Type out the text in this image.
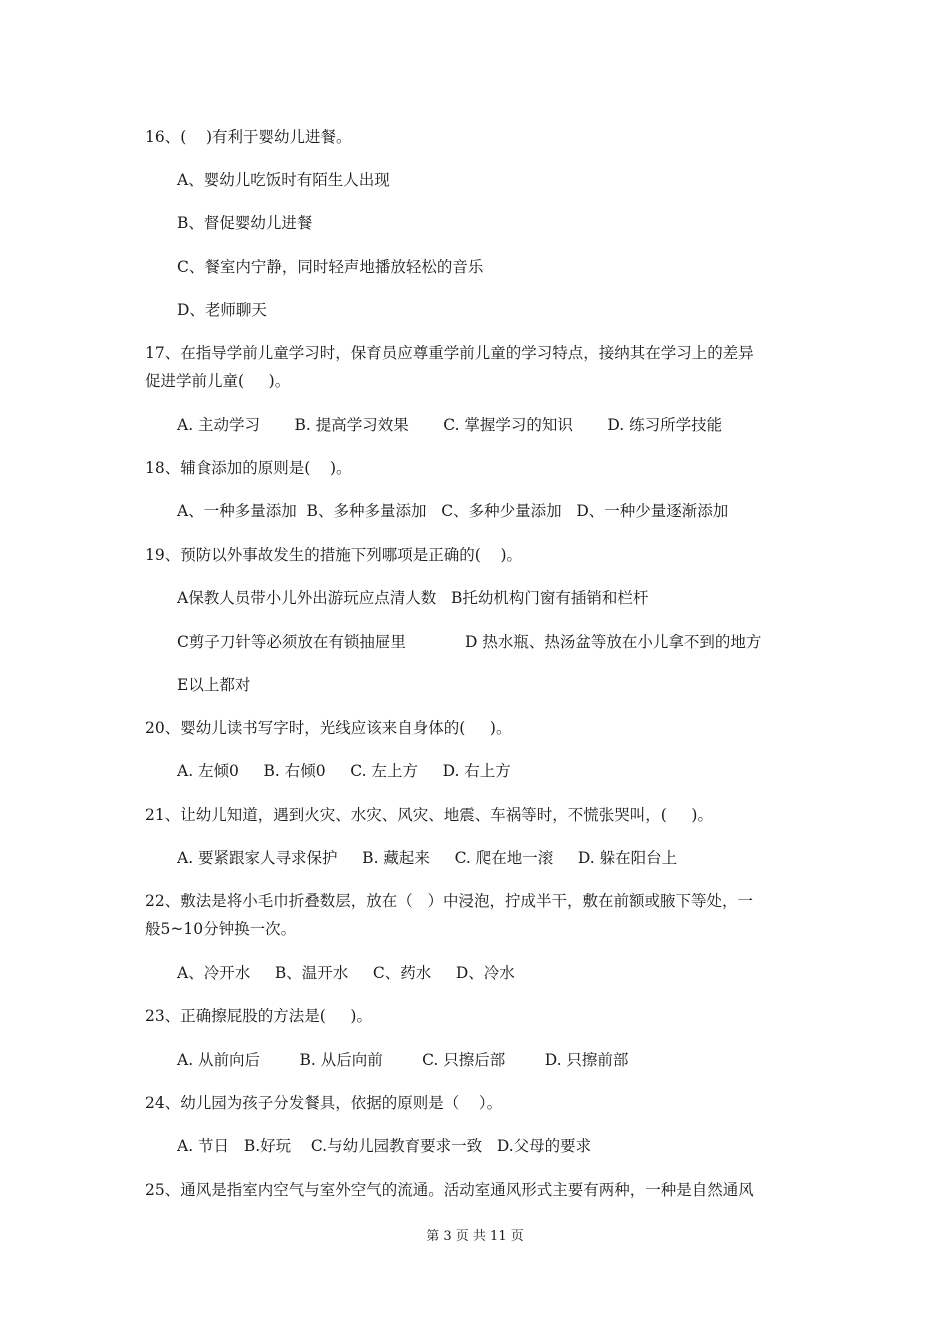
16、(    )有利于婴幼儿进餐。
A、婴幼儿吃饭时有陌生人出现
B、督促婴幼儿进餐
C、餐室内宁静，同时轻声地播放轻松的音乐
D、老师聊天
17、在指导学前儿童学习时，保育员应尊重学前儿童的学习特点，接纳其在学习上的差异
促进学前儿童(     )。
A. 主动学习       B. 提高学习效果       C. 掌握学习的知识       D. 练习所学技能
18、辅食添加的原则是(    )。
A、一种多量添加  B、多种多量添加   C、多种少量添加   D、一种少量逐渐添加
19、预防以外事故发生的措施下列哪项是正确的(    )。
A保教人员带小儿外出游玩应点清人数   B托幼机构门窗有插销和栏杆
C剪子刀针等必须放在有锁抽屉里            D 热水瓶、热汤盆等放在小儿拿不到的地方
E以上都对
20、婴幼儿读书写字时，光线应该来自身体的(     )。
A. 左倾0     B. 右倾0     C. 左上方     D. 右上方
21、让幼儿知道，遇到火灾、水灾、风灾、地震、车祸等时，不慌张哭叫，(     )。
A. 要紧跟家人寻求保护     B. 藏起来     C. 爬在地一滚     D. 躲在阳台上
22、敷法是将小毛巾折叠数层，放在（   ）中浸泡，拧成半干，敷在前额或腋下等处，一
般5~10分钟换一次。
A、冷开水     B、温开水     C、药水     D、冷水
23、正确擦屁股的方法是(     )。
A. 从前向后        B. 从后向前        C. 只擦后部        D. 只擦前部
24、幼儿园为孩子分发餐具，依据的原则是（    ）。
A. 节日   B.好玩    C.与幼儿园教育要求一致   D.父母的要求
25、通风是指室内空气与室外空气的流通。活动室通风形式主要有两种，一种是自然通风
第 3 页 共 11 页
